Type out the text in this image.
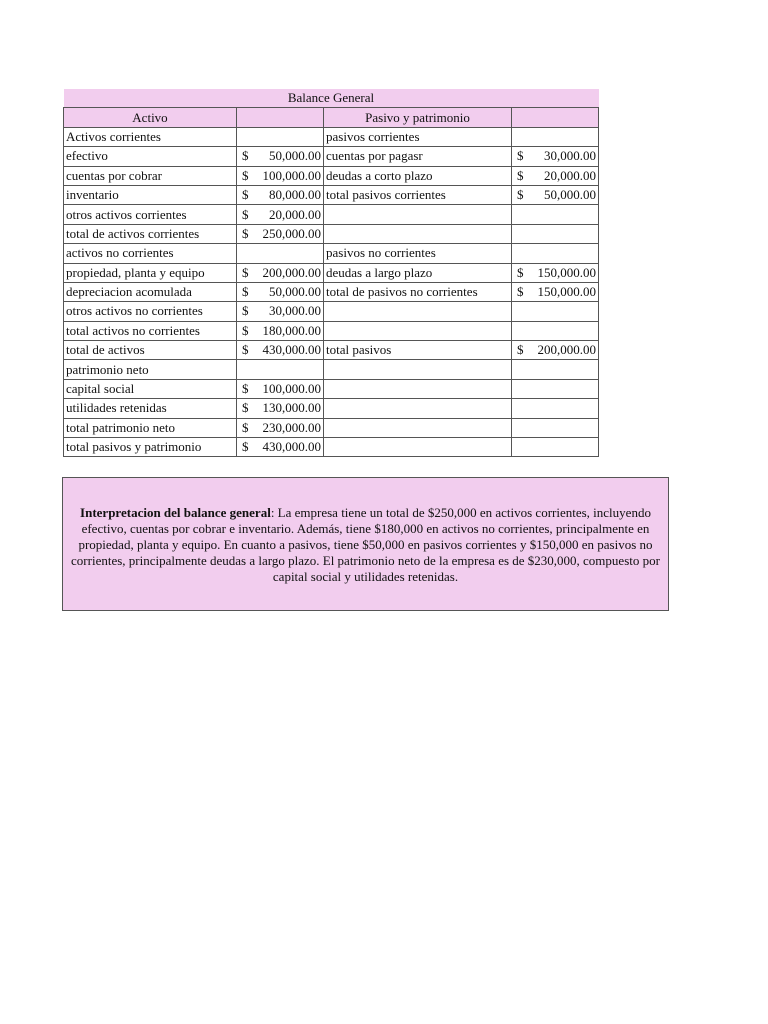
Balance General			
Activo		Pasivo y patrimonio	
Activos corrientes		pasivos corrientes	
efectivo	$ 50,000.00	cuentas por pagasr	$ 30,000.00

cuentas por cobrar	$ 100,000.00	deudas a corto plazo	$ 20,000.00

inventario	$ 80,000.00	total pasivos corrientes	$ 50,000.00

otros activos corrientes	$ 20,000.00		

total de activos corrientes	$ 250,000.00		

activos no corrientes		pasivos no corrientes	
propiedad, planta y equipo	$ 200,000.00	deudas a largo plazo	$ 150,000.00

depreciacion acomulada	$ 50,000.00	total de pasivos no corrientes	$ 150,000.00

otros activos no corrientes	$ 30,000.00		

total activos no corrientes	$ 180,000.00		

total de activos	$ 430,000.00	total pasivos	$ 200,000.00

patrimonio neto			
capital social	$ 100,000.00		

utilidades retenidas	$ 130,000.00		

total patrimonio neto	$ 230,000.00		

total pasivos y patrimonio	$ 430,000.00		

Interpretacion del balance general: La empresa tiene un total de $250,000 en activos corrientes, incluyendo efectivo, cuentas por cobrar e inventario. Además, tiene $180,000 en activos no corrientes, principalmente en propiedad, planta y equipo. En cuanto a pasivos, tiene $50,000 en pasivos corrientes y $150,000 en pasivos no corrientes, principalmente deudas a largo plazo. El patrimonio neto de la empresa es de $230,000, compuesto por capital social y utilidades retenidas.
